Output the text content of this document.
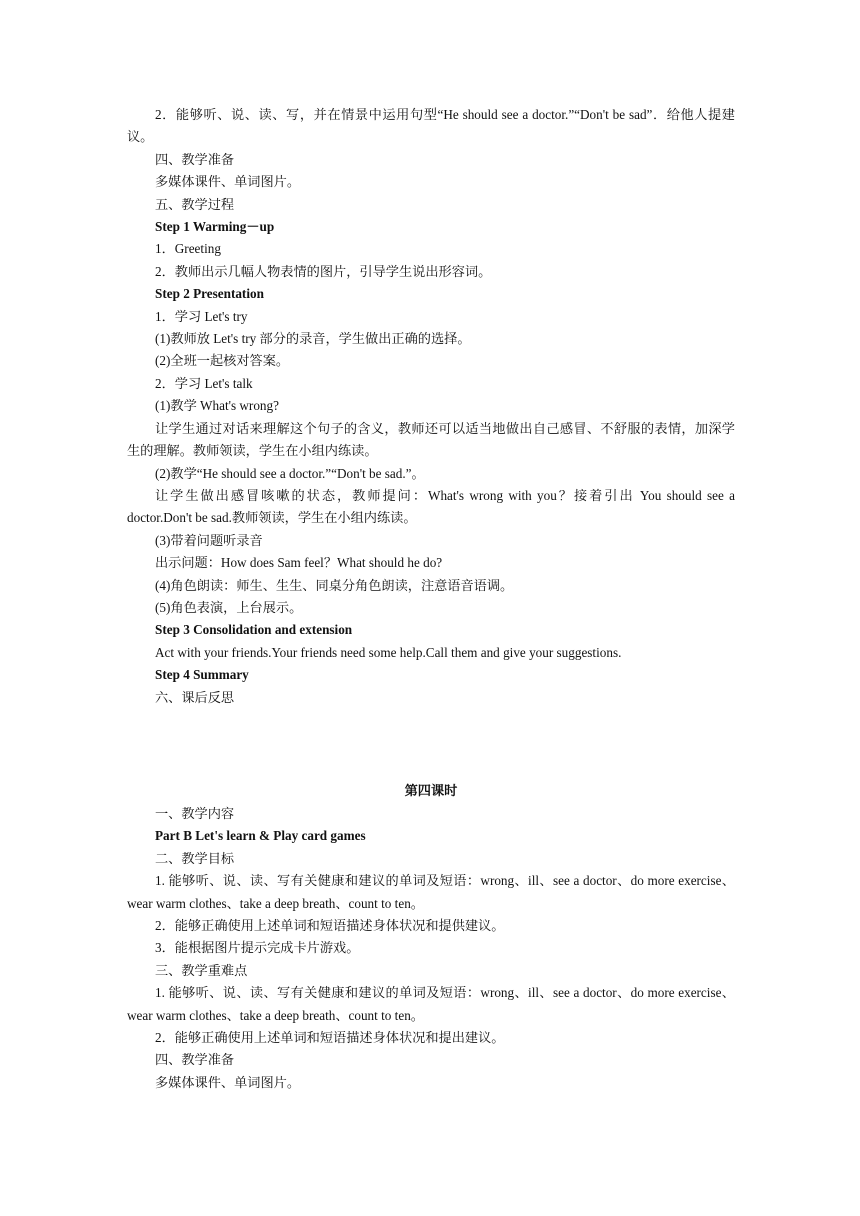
2．能够听、说、读、写，并在情景中运用句型“He should see a doctor.”“Don't be sad”．给他人提建议。
四、教学准备
多媒体课件、单词图片。
五、教学过程
Step 1 Warming－up
1．Greeting
2．教师出示几幅人物表情的图片，引导学生说出形容词。
Step 2 Presentation
1．学习 Let's try
(1)教师放 Let's try 部分的录音，学生做出正确的选择。
(2)全班一起核对答案。
2．学习 Let's talk
(1)教学 What's wrong?
让学生通过对话来理解这个句子的含义，教师还可以适当地做出自己感冒、不舒服的表情，加深学生的理解。教师领读，学生在小组内练读。
(2)教学“He should see a doctor.”“Don't be sad.”。
让学生做出感冒咳嗽的状态，教师提问：What's wrong with you？接着引出 You should see a doctor.Don't be sad.教师领读，学生在小组内练读。
(3)带着问题听录音
出示问题：How does Sam feel？What should he do?
(4)角色朗读：师生、生生、同桌分角色朗读，注意语音语调。
(5)角色表演，上台展示。
Step 3 Consolidation and extension
Act with your friends.Your friends need some help.Call them and give your suggestions.
Step 4 Summary
六、课后反思
第四课时
一、教学内容
Part B Let's learn & Play card games
二、教学目标
1. 能够听、说、读、写有关健康和建议的单词及短语：wrong、ill、see a doctor、do more exercise、wear warm clothes、take a deep breath、count to ten。
2．能够正确使用上述单词和短语描述身体状况和提供建议。
3．能根据图片提示完成卡片游戏。
三、教学重难点
1. 能够听、说、读、写有关健康和建议的单词及短语：wrong、ill、see a doctor、do more exercise、wear warm clothes、take a deep breath、count to ten。
2．能够正确使用上述单词和短语描述身体状况和提出建议。
四、教学准备
多媒体课件、单词图片。
